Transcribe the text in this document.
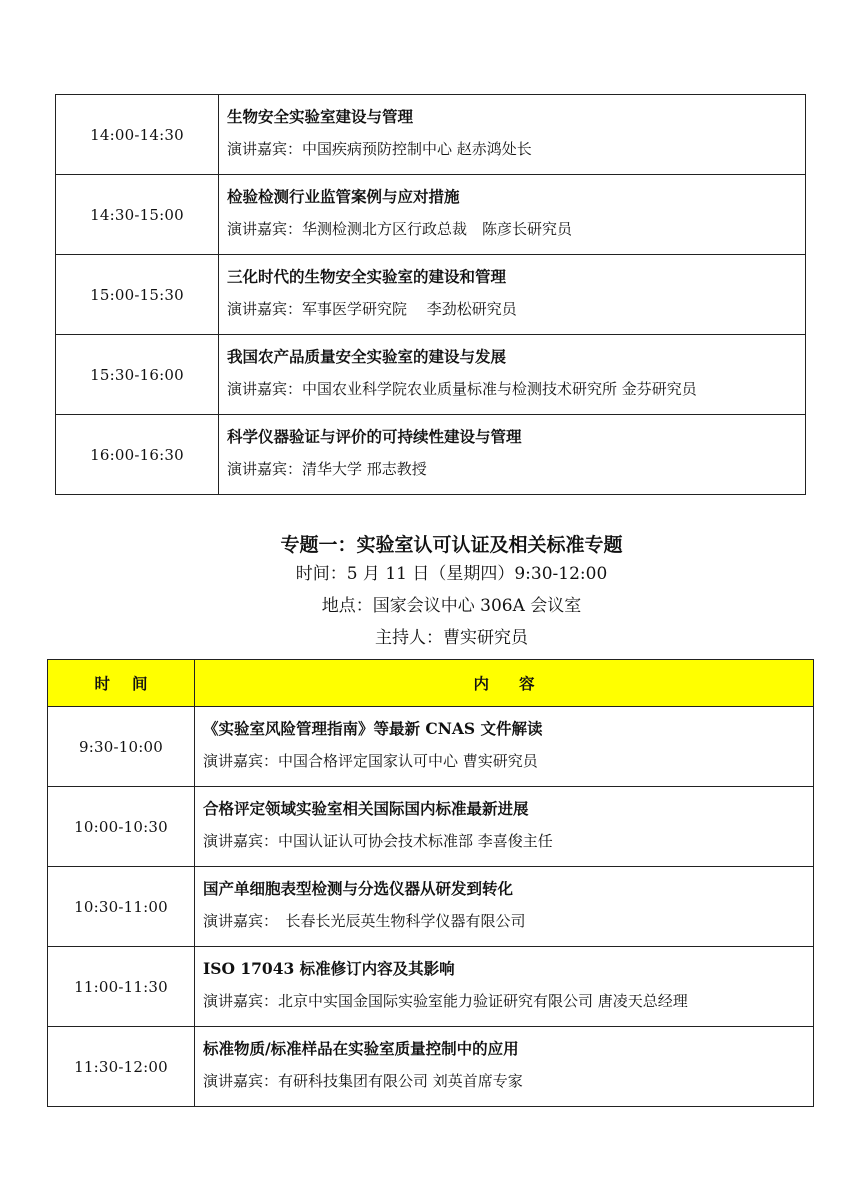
14:00-14:30	生物安全实验室建设与管理
演讲嘉宾：中国疾病预防控制中心 赵赤鸿处长

14:30-15:00	检验检测行业监管案例与应对措施
演讲嘉宾：华测检测北方区行政总裁　陈彦长研究员

15:00-15:30	三化时代的生物安全实验室的建设和管理
演讲嘉宾：军事医学研究院　 李劲松研究员

15:30-16:00	我国农产品质量安全实验室的建设与发展
演讲嘉宾：中国农业科学院农业质量标准与检测技术研究所 金芬研究员

16:00-16:30	科学仪器验证与评价的可持续性建设与管理
演讲嘉宾：清华大学 邢志教授
专题一：实验室认可认证及相关标准专题
时间：5 月 11 日（星期四）9:30-12:00
地点：国家会议中心 306A 会议室
主持人：曹实研究员
时间	内容
9:30-10:00	《实验室风险管理指南》等最新 CNAS 文件解读
演讲嘉宾：中国合格评定国家认可中心 曹实研究员

10:00-10:30	合格评定领域实验室相关国际国内标准最新进展
演讲嘉宾：中国认证认可协会技术标准部 李喜俊主任

10:30-11:00	国产单细胞表型检测与分选仪器从研发到转化
演讲嘉宾：　长春长光辰英生物科学仪器有限公司

11:00-11:30	ISO 17043 标准修订内容及其影响
演讲嘉宾：北京中实国金国际实验室能力验证研究有限公司 唐凌天总经理

11:30-12:00	标准物质/标准样品在实验室质量控制中的应用
演讲嘉宾：有研科技集团有限公司 刘英首席专家
